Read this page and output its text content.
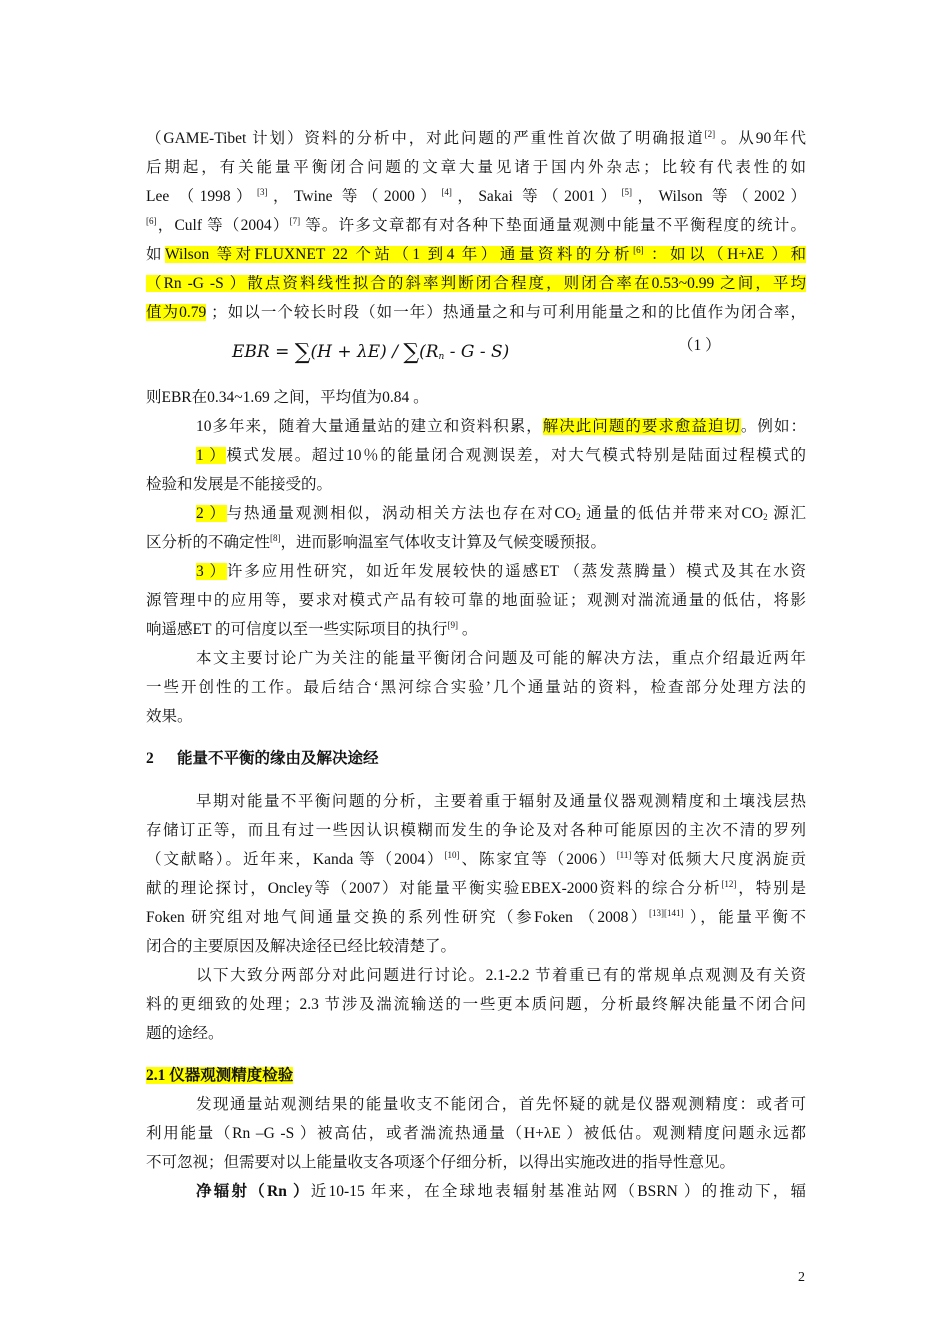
（GAME-Tibet 计划）资料的分析中，对此问题的严重性首次做了明确报道[2] 。从90年代
后期起，有关能量平衡闭合问题的文章大量见诸于国内外杂志；比较有代表性的如
Lee （1998）[3]，Twine 等（2000）[4]，Sakai 等（2001）[5]，Wilson 等（2002）
[6]，Culf 等（2004）[7] 等。许多文章都有对各种下垫面通量观测中能量不平衡程度的统计。
如Wilson 等对FLUXNET 22 个站（1 到4 年）通量资料的分析[6] ：如以（H+λE ）和
（Rn -G -S ）散点资料线性拟合的斜率判断闭合程度，则闭合率在0.53~0.99 之间，平均
值为0.79 ；如以一个较长时段（如一年）热通量之和与可利用能量之和的比值作为闭合率，
EBR = $\sum(H + \lambda E) / \sum(R_n - G - S)$	（1 ）
则EBR在0.34~1.69 之间，平均值为0.84 。
10多年来，随着大量通量站的建立和资料积累，解决此问题的要求愈益迫切。例如：
1 ）模式发展。超过10％的能量闭合观测误差，对大气模式特别是陆面过程模式的
检验和发展是不能接受的。
2 ）与热通量观测相似，涡动相关方法也存在对$CO_2$ 通量的低估并带来对$CO_2$ 源汇
区分析的不确定性[8]，进而影响温室气体收支计算及气候变暖预报。
3 ）许多应用性研究，如近年发展较快的遥感ET （蒸发蒸腾量）模式及其在水资
源管理中的应用等，要求对模式产品有较可靠的地面验证；观测对湍流通量的低估，将影
响遥感ET 的可信度以至一些实际项目的执行[9] 。
本文主要讨论广为关注的能量平衡闭合问题及可能的解决方法，重点介绍最近两年
一些开创性的工作。最后结合‘黑河综合实验’几个通量站的资料，检查部分处理方法的
效果。
2 能量不平衡的缘由及解决途经
早期对能量不平衡问题的分析，主要着重于辐射及通量仪器观测精度和土壤浅层热
存储订正等，而且有过一些因认识模糊而发生的争论及对各种可能原因的主次不清的罗列
（文献略）。近年来，Kanda 等（2004）[10]、陈家宜等（2006）[11]等对低频大尺度涡旋贡
献的理论探讨，Oncley等（2007）对能量平衡实验EBEX-2000资料的综合分析[12]，特别是
Foken 研究组对地气间通量交换的系列性研究（参Foken （2008）[13][141] ），能量平衡不
闭合的主要原因及解决途径已经比较清楚了。
以下大致分两部分对此问题进行讨论。2.1-2.2 节着重已有的常规单点观测及有关资
料的更细致的处理；2.3 节涉及湍流输送的一些更本质问题，分析最终解决能量不闭合问
题的途经。
2.1 仪器观测精度检验
发现通量站观测结果的能量收支不能闭合，首先怀疑的就是仪器观测精度：或者可
利用能量（Rn –G -S ）被高估，或者湍流热通量（H+λE ）被低估。观测精度问题永远都
不可忽视；但需要对以上能量收支各项逐个仔细分析，以得出实施改进的指导性意见。
净辐射（Rn ）近10-15 年来，在全球地表辐射基准站网（BSRN ）的推动下，辐
2
